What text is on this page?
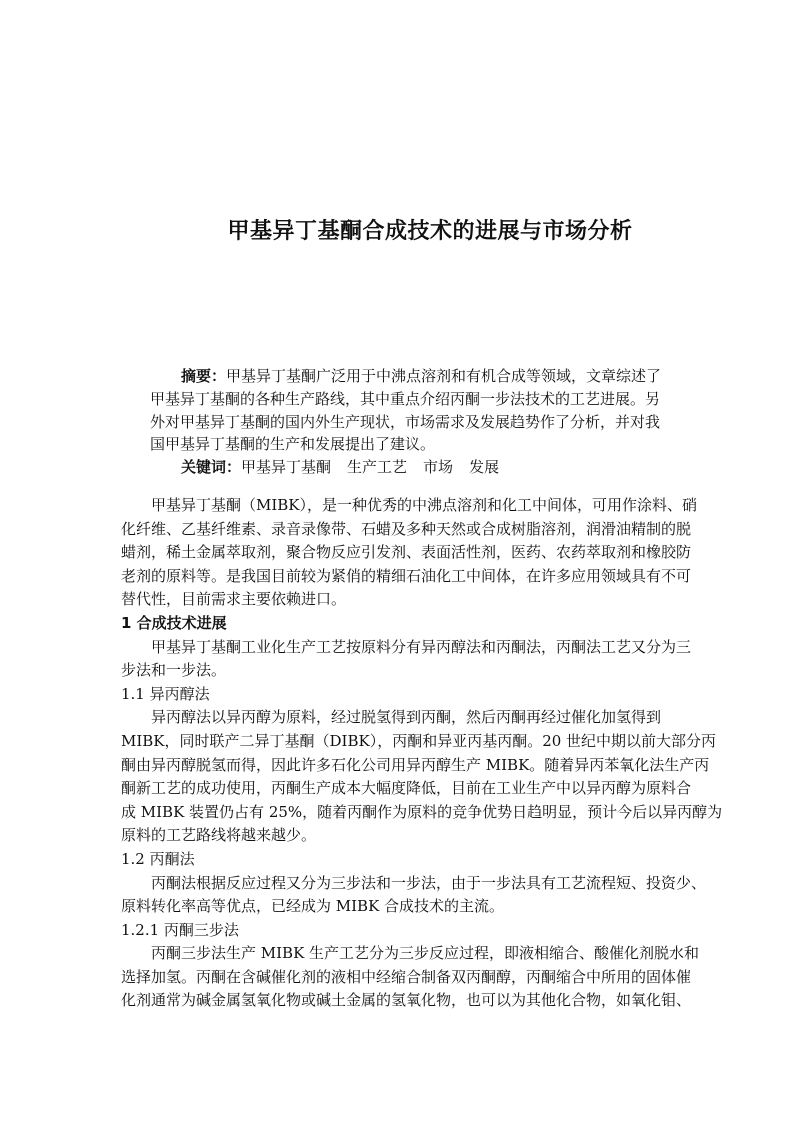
甲基异丁基酮合成技术的进展与市场分析

摘要：甲基异丁基酮广泛用于中沸点溶剂和有机合成等领域，文章综述了

甲基异丁基酮的各种生产路线，其中重点介绍丙酮一步法技术的工艺进展。另

外对甲基异丁基酮的国内外生产现状，市场需求及发展趋势作了分析，并对我

国甲基异丁基酮的生产和发展提出了建议。

关键词：甲基异丁基酮 生产工艺 市场 发展

甲基异丁基酮（MIBK），是一种优秀的中沸点溶剂和化工中间体，可用作涂料、硝

化纤维、乙基纤维素、录音录像带、石蜡及多种天然或合成树脂溶剂，润滑油精制的脱

蜡剂，稀土金属萃取剂，聚合物反应引发剂、表面活性剂，医药、农药萃取剂和橡胶防

老剂的原料等。是我国目前较为紧俏的精细石油化工中间体，在许多应用领域具有不可

替代性，目前需求主要依赖进口。

1 合成技术进展

甲基异丁基酮工业化生产工艺按原料分有异丙醇法和丙酮法，丙酮法工艺又分为三

步法和一步法。

1.1 异丙醇法

异丙醇法以异丙醇为原料，经过脱氢得到丙酮，然后丙酮再经过催化加氢得到

MIBK，同时联产二异丁基酮（DIBK），丙酮和异亚丙基丙酮。20 世纪中期以前大部分丙

酮由异丙醇脱氢而得，因此许多石化公司用异丙醇生产 MIBK。随着异丙苯氧化法生产丙

酮新工艺的成功使用，丙酮生产成本大幅度降低，目前在工业生产中以异丙醇为原料合

成 MIBK 装置仍占有 25%，随着丙酮作为原料的竞争优势日趋明显，预计今后以异丙醇为

原料的工艺路线将越来越少。

1.2 丙酮法

丙酮法根据反应过程又分为三步法和一步法，由于一步法具有工艺流程短、投资少、

原料转化率高等优点，已经成为 MIBK 合成技术的主流。

1.2.1 丙酮三步法

丙酮三步法生产 MIBK 生产工艺分为三步反应过程，即液相缩合、酸催化剂脱水和

选择加氢。丙酮在含碱催化剂的液相中经缩合制备双丙酮醇，丙酮缩合中所用的固体催

化剂通常为碱金属氢氧化物或碱土金属的氢氧化物，也可以为其他化合物，如氧化钼、
